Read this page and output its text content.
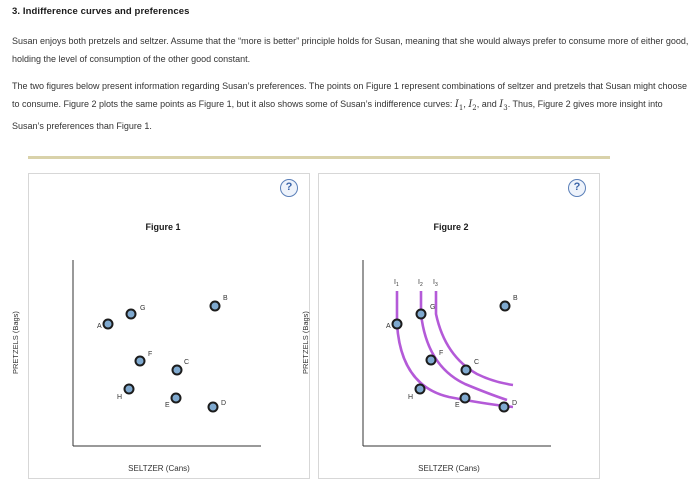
3. Indifference curves and preferences
Susan enjoys both pretzels and seltzer. Assume that the “more is better” principle holds for Susan, meaning that she would always prefer to consume more of either good, holding the level of consumption of the other good constant.
The two figures below present information regarding Susan’s preferences. The points on Figure 1 represent combinations of seltzer and pretzels that Susan might choose to consume. Figure 2 plots the same points as Figure 1, but it also shows some of Susan’s indifference curves: $I_1$, $I_2$, and $I_3$. Thus, Figure 2 gives more insight into Susan’s preferences than Figure 1.
?
Figure 1
PRETZELS (Bags)
SELTZER (Cans)
A
G
B
F
C
H
E	D
?
Figure 2
PRETZELS (Bags)
SELTZER (Cans)
$I_1$	$I_2$ $I_3$
A
G
B
F
C
H
E	D
